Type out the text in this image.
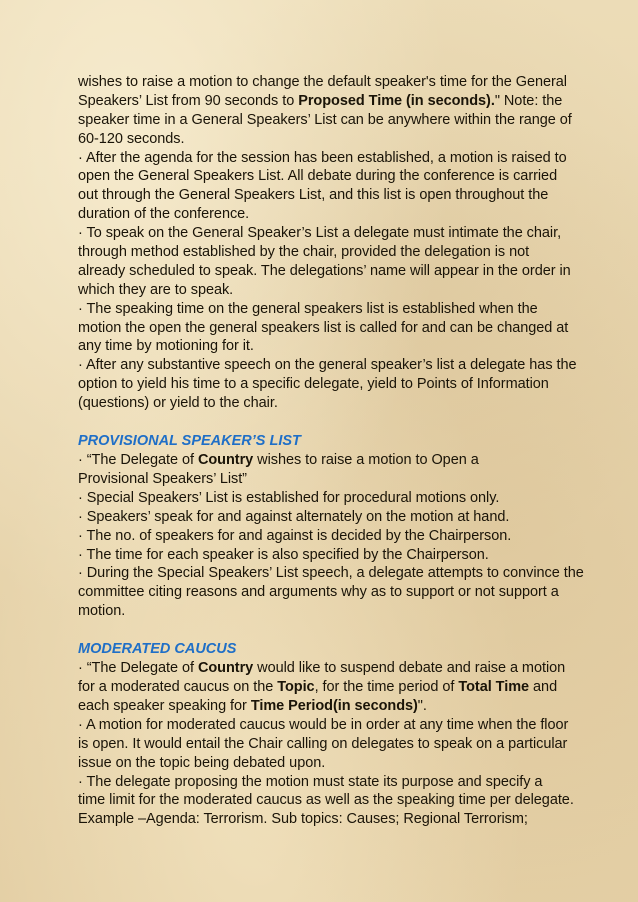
wishes to raise a motion to change the default speaker's time for the General
Speakers’ List from 90 seconds to Proposed Time (in seconds)." Note: the
speaker time in a General Speakers’ List can be anywhere within the range of
60-120 seconds.
· After the agenda for the session has been established, a motion is raised to
open the General Speakers List. All debate during the conference is carried
out through the General Speakers List, and this list is open throughout the
duration of the conference.
· To speak on the General Speaker’s List a delegate must intimate the chair,
through method established by the chair, provided the delegation is not
already scheduled to speak. The delegations’ name will appear in the order in
which they are to speak.
· The speaking time on the general speakers list is established when the
motion the open the general speakers list is called for and can be changed at
any time by motioning for it.
· After any substantive speech on the general speaker’s list a delegate has the
option to yield his time to a specific delegate, yield to Points of Information
(questions) or yield to the chair.
PROVISIONAL SPEAKER’S LIST
· “The Delegate of Country wishes to raise a motion to Open a
Provisional Speakers’ List”
· Special Speakers’ List is established for procedural motions only.
· Speakers’ speak for and against alternately on the motion at hand.
· The no. of speakers for and against is decided by the Chairperson.
· The time for each speaker is also specified by the Chairperson.
· During the Special Speakers’ List speech, a delegate attempts to convince the
committee citing reasons and arguments why as to support or not support a
motion.
MODERATED CAUCUS
· “The Delegate of Country would like to suspend debate and raise a motion
for a moderated caucus on the Topic, for the time period of Total Time and
each speaker speaking for Time Period(in seconds)".
· A motion for moderated caucus would be in order at any time when the floor
is open. It would entail the Chair calling on delegates to speak on a particular
issue on the topic being debated upon.
· The delegate proposing the motion must state its purpose and specify a
time limit for the moderated caucus as well as the speaking time per delegate.
Example –Agenda: Terrorism. Sub topics: Causes; Regional Terrorism;
